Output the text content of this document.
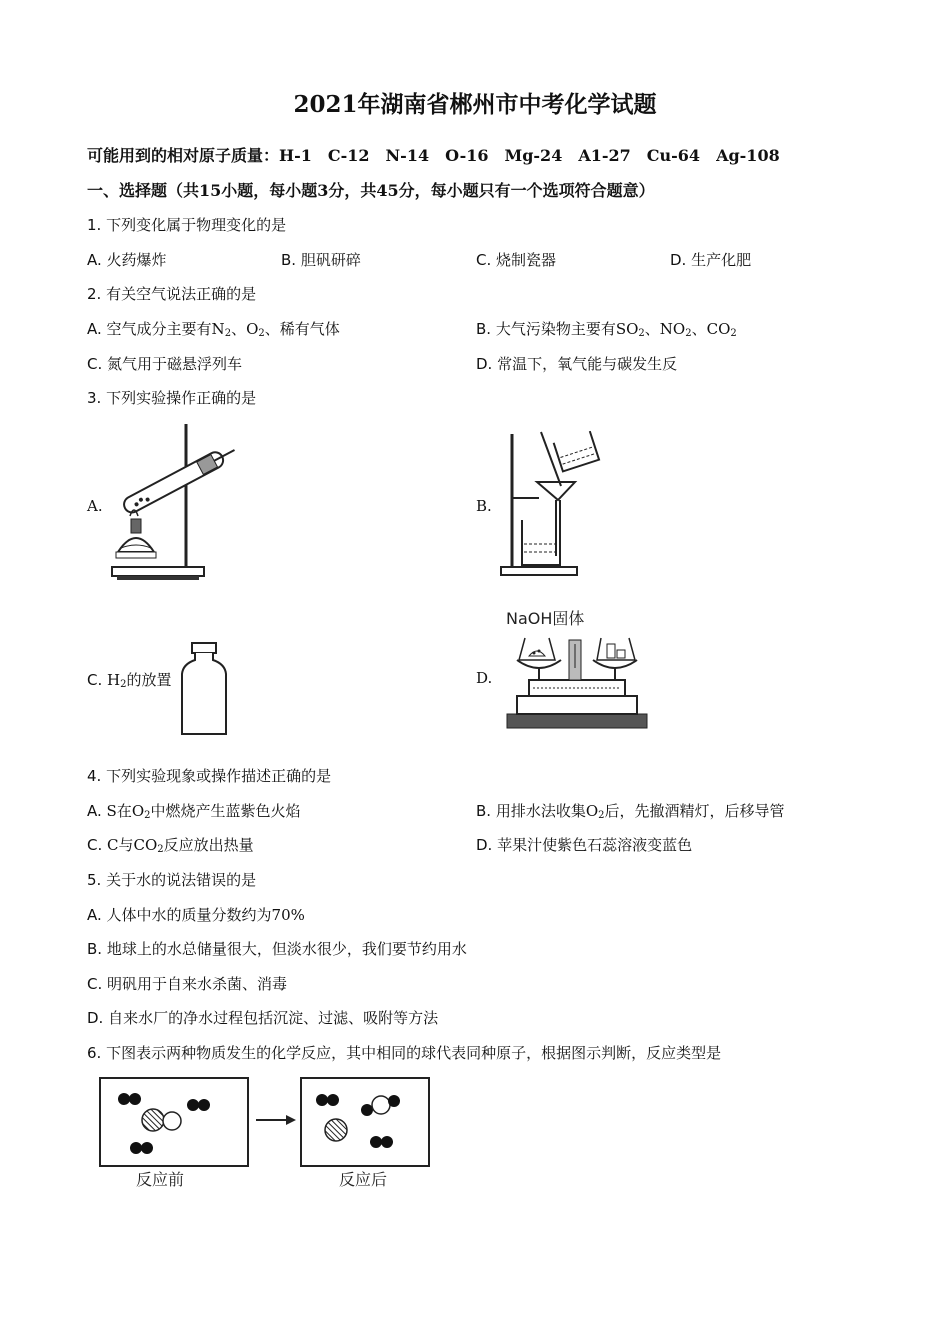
2021年湖南省郴州市中考化学试题
可能用到的相对原子质量：H-1 C-12 N-14 O-16 Mg-24 A1-27 Cu-64 Ag-108
一、选择题（共15小题，每小题3分，共45分，每小题只有一个选项符合题意）
1. 下列变化属于物理变化的是
A. 火药爆炸	B. 胆矾研碎	C. 烧制瓷器	D. 生产化肥
2. 有关空气说法正确的是
A. 空气成分主要有$N_2$、$O_2$、稀有气体	B. 大气污染物主要有$SO_2$、$NO_2$、$CO_2$
C. 氮气用于磁悬浮列车	D. 常温下，氧气能与碳发生反
3. 下列实验操作正确的是
A.	B.
C. $H_2$的放置	D.
NaOH固体
4. 下列实验现象或操作描述正确的是
A. S在$O_2$中燃烧产生蓝紫色火焰	B. 用排水法收集$O_2$后，先撤酒精灯，后移导管
C. C与$CO_2$反应放出热量	D. 苹果汁使紫色石蕊溶液变蓝色
5. 关于水的说法错误的是
A. 人体中水的质量分数约为70%
B. 地球上的水总储量很大，但淡水很少，我们要节约用水
C. 明矾用于自来水杀菌、消毒
D. 自来水厂的净水过程包括沉淀、过滤、吸附等方法
6. 下图表示两种物质发生的化学反应，其中相同的球代表同种原子，根据图示判断，反应类型是
反应前	反应后
